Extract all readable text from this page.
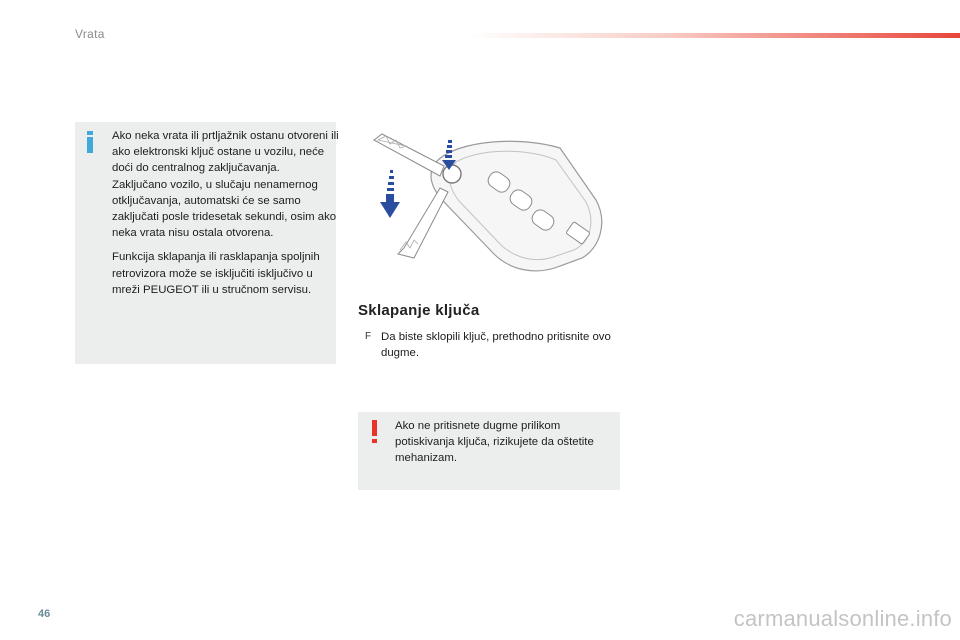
Vrata

Ako neka vrata ili prtljažnik ostanu otvoreni ili ako elektronski ključ ostane u vozilu, neće doći do centralnog zaključavanja.

Zaključano vozilo, u slučaju nenamernog otključavanja, automatski će se samo zaključati posle tridesetak sekundi, osim ako neka vrata nisu ostala otvorena.

Funkcija sklapanja ili rasklapanja spoljnih retrovizora može se isključiti isključivo u mreži PEUGEOT ili u stručnom servisu.

Sklapanje ključa
F Da biste sklopili ključ, prethodno pritisnite ovo dugme.
Ako ne pritisnete dugme prilikom potiskivanja ključa, rizikujete da oštetite mehanizam.
46	carmanualsonline.info
